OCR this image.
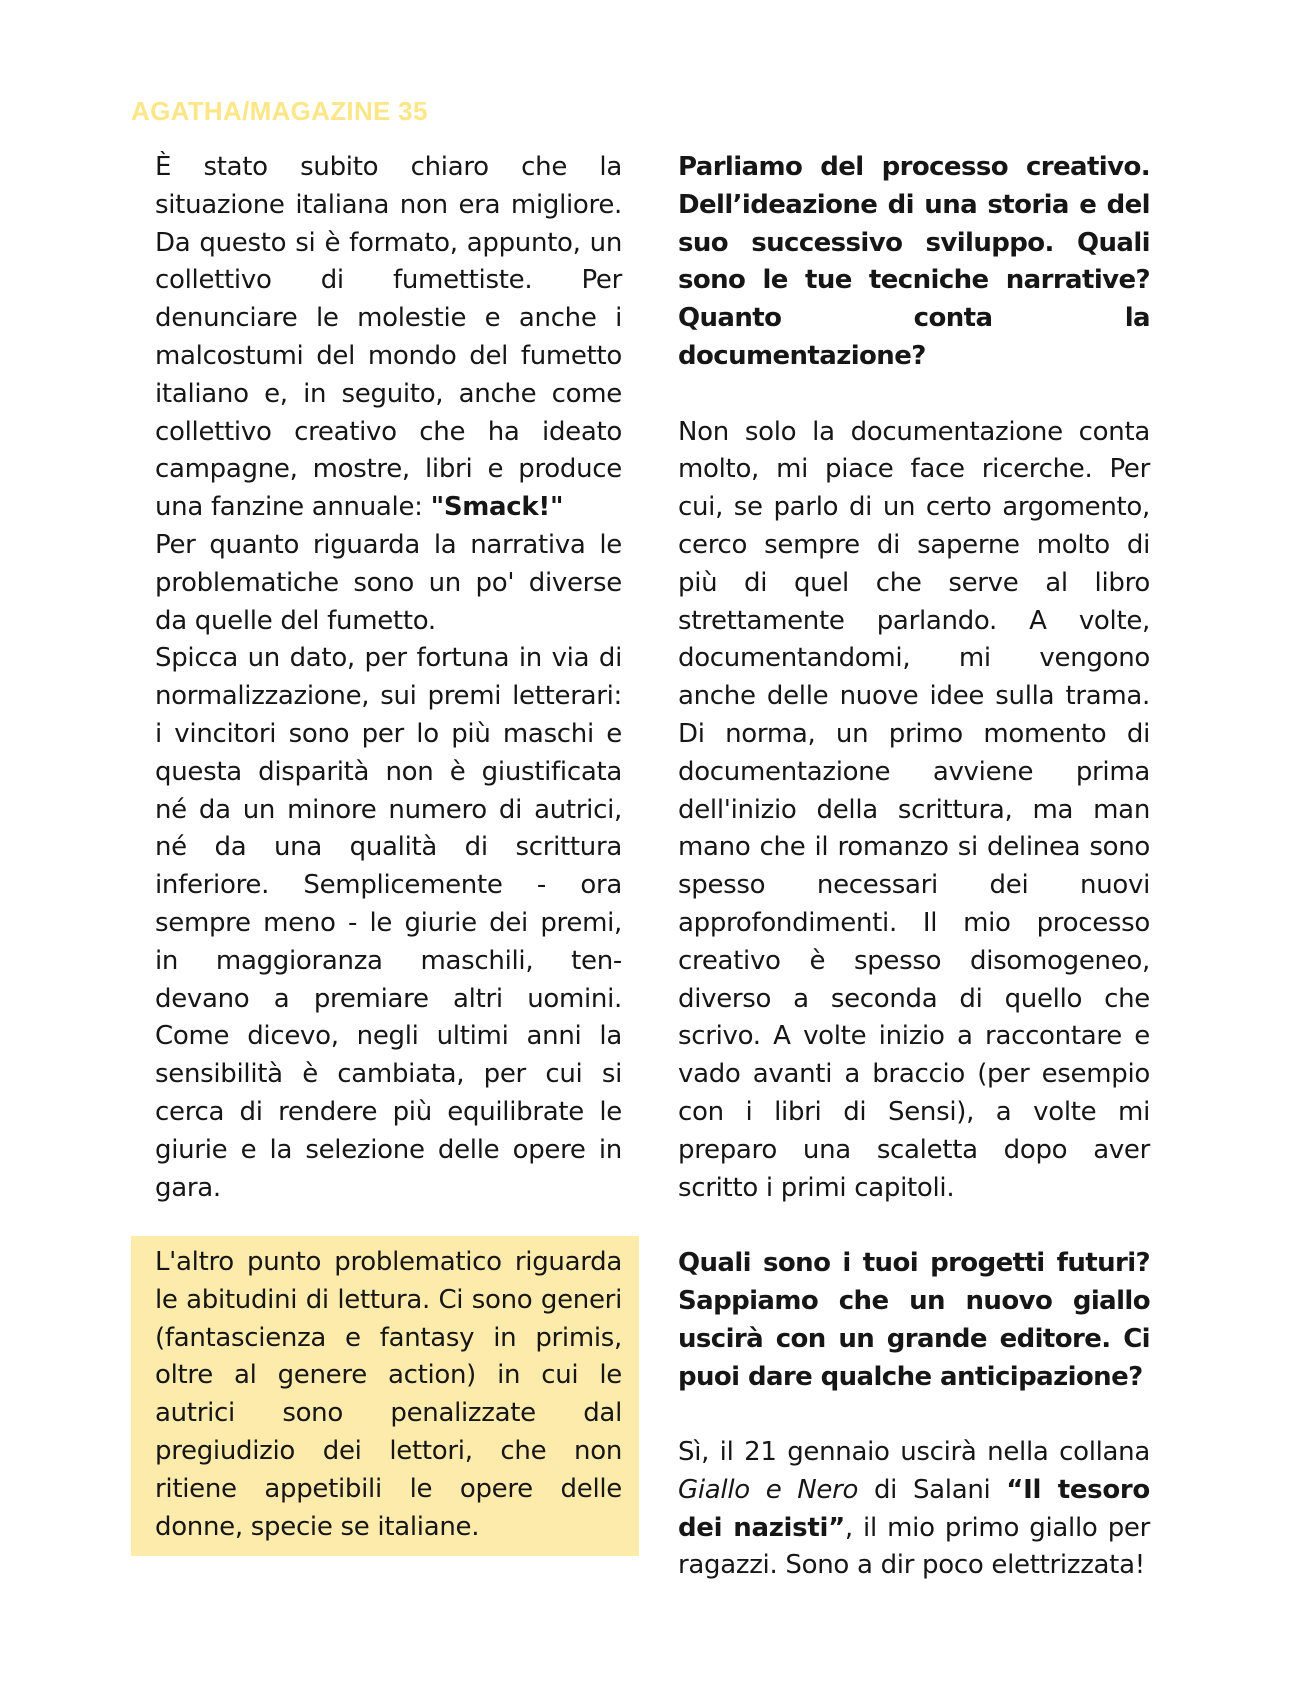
AGATHA/MAGAZINE 35

È stato subito chiaro che la situazione italiana non era migliore. Da questo si è formato, appunto, un collettivo di fumettiste. Per denunciare le molestie e anche i malcostumi del mondo del fumetto italiano e, in seguito, anche come collettivo creativo che ha ideato campagne, mostre, libri e produce una fanzine annuale: "Smack!"

Per quanto riguarda la narrativa le problematiche sono un po' diverse da quelle del fumetto.

Spicca un dato, per fortuna in via di normalizzazione, sui premi letterari: i vincitori sono per lo più maschi e questa disparità non è giustificata né da un minore numero di autrici, né da una qualità di scrittura inferiore. Semplicemente - ora sempre meno - le giurie dei premi, in maggioranza maschili, ten-devano a premiare altri uomini. Come dicevo, negli ultimi anni la sensibilità è cambiata, per cui si cerca di rendere più equilibrate le giurie e la selezione delle opere in gara.

L'altro punto problematico riguarda le abitudini di lettura. Ci sono generi (fantascienza e fantasy in primis, oltre al genere action) in cui le autrici sono penalizzate dal pregiudizio dei lettori, che non ritiene appetibili le opere delle donne, specie se italiane.

Parliamo del processo creativo. Dell’ideazione di una storia e del suo successivo sviluppo. Quali sono le tue tecniche narrative? Quanto conta la documentazione?

Non solo la documentazione conta molto, mi piace face ricerche. Per cui, se parlo di un certo argomento, cerco sempre di saperne molto di più di quel che serve al libro strettamente parlando. A volte, documentandomi, mi vengono anche delle nuove idee sulla trama. Di norma, un primo momento di documentazione avviene prima dell'inizio della scrittura, ma man mano che il romanzo si delinea sono spesso necessari dei nuovi approfondimenti. Il mio processo creativo è spesso disomogeneo, diverso a seconda di quello che scrivo. A volte inizio a raccontare e vado avanti a braccio (per esempio con i libri di Sensi), a volte mi preparo una scaletta dopo aver scritto i primi capitoli.

Quali sono i tuoi progetti futuri? Sappiamo che un nuovo giallo uscirà con un grande editore. Ci puoi dare qualche anticipazione?

Sì, il 21 gennaio uscirà nella collana Giallo e Nero di Salani “Il tesoro dei nazisti”, il mio primo giallo per ragazzi. Sono a dir poco elettrizzata!
